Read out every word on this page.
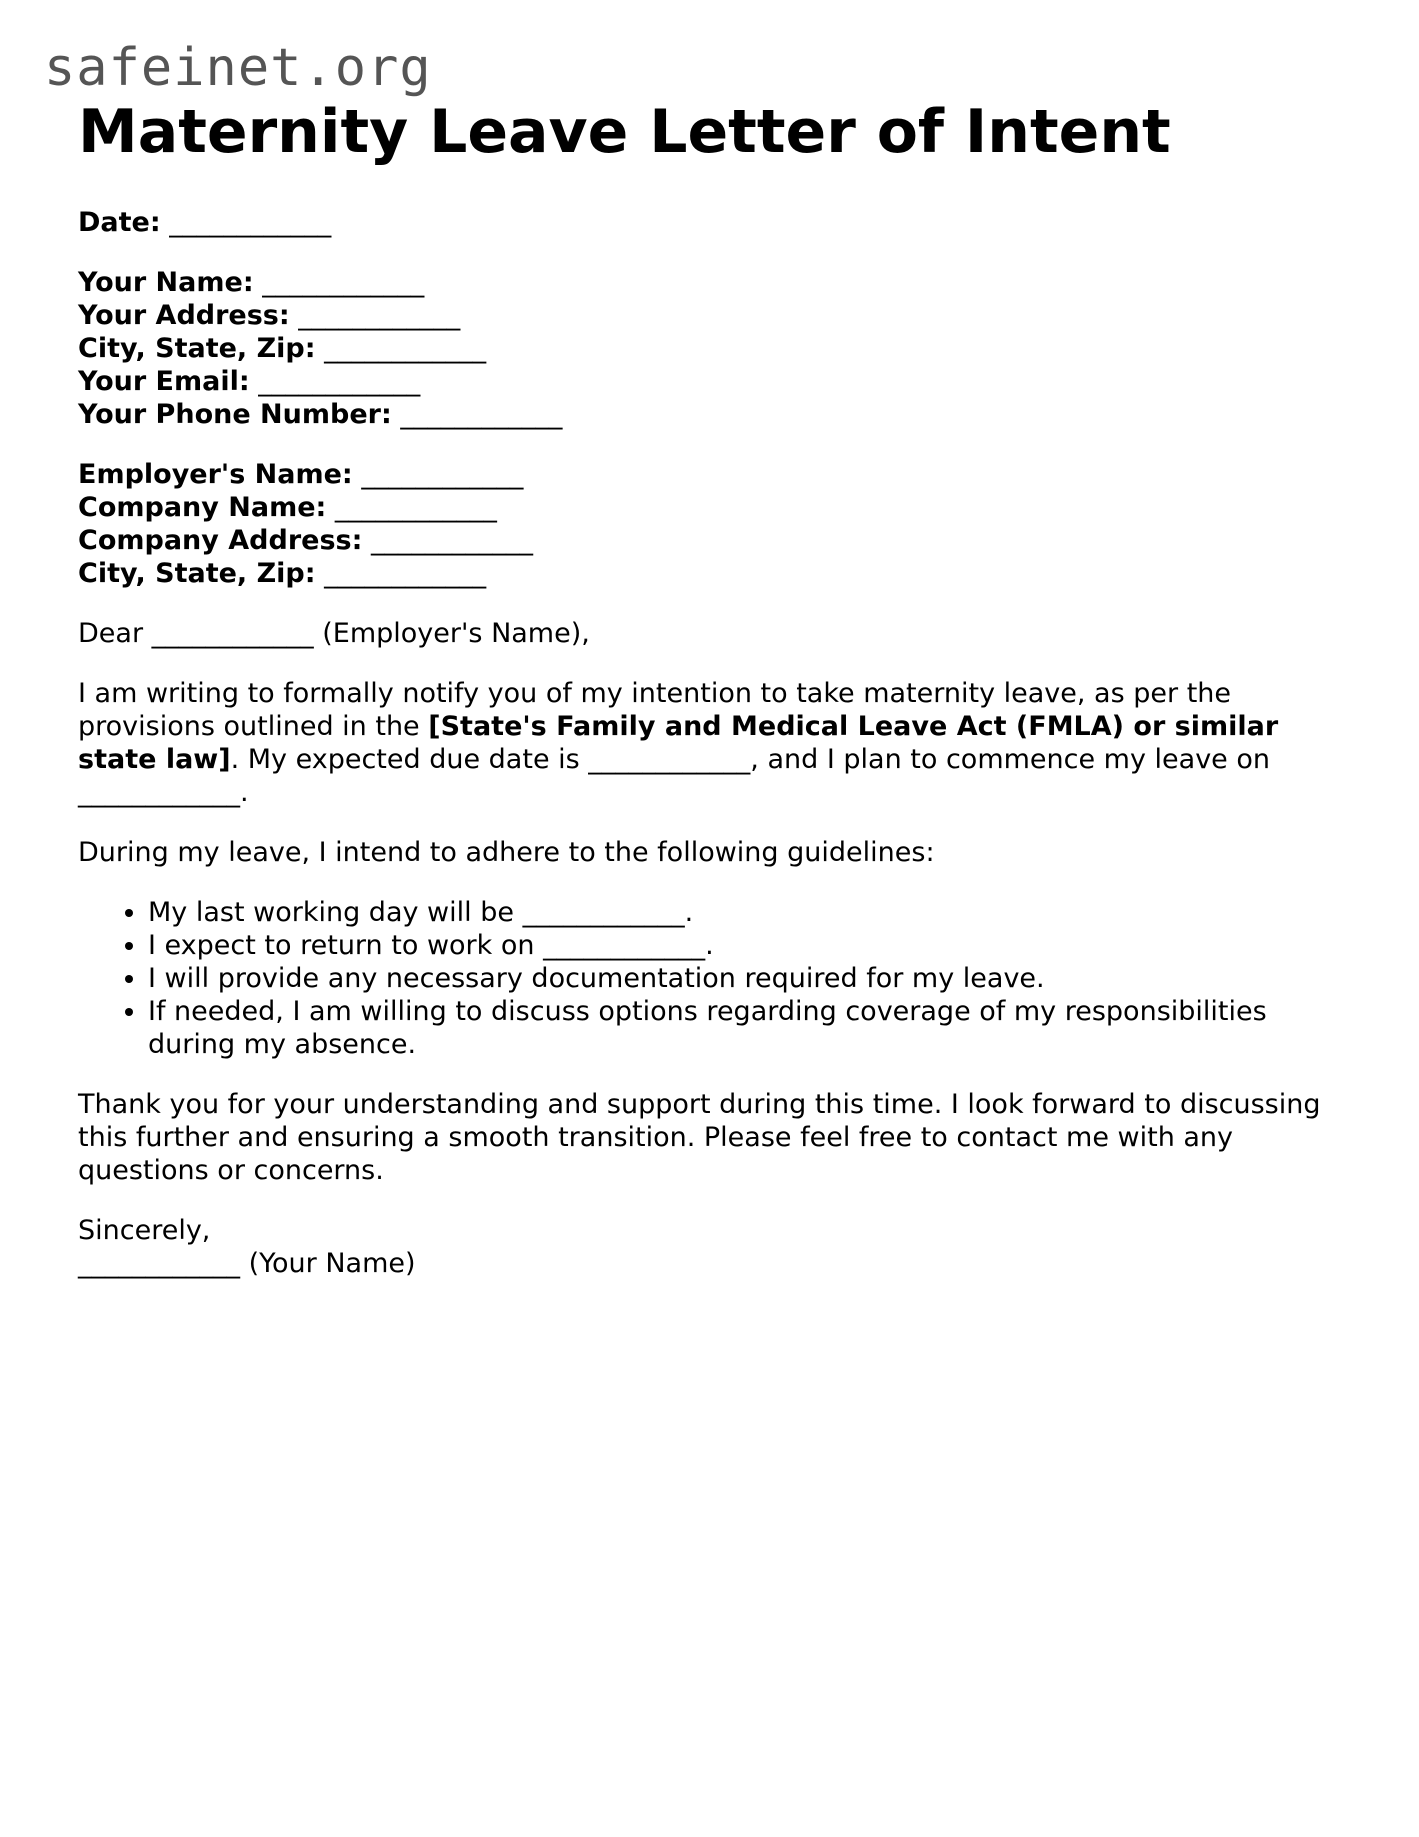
safeinet.org
Maternity Leave Letter of Intent
Date: ____________
Your Name: ____________
Your Address: ____________
City, State, Zip: ____________
Your Email: ____________
Your Phone Number: ____________
Employer's Name: ____________
Company Name: ____________
Company Address: ____________
City, State, Zip: ____________

Dear ____________ (Employer's Name),

I am writing to formally notify you of my intention to take maternity leave, as per the provisions outlined in the [State's Family and Medical Leave Act (FMLA) or similar state law]. My expected due date is ____________, and I plan to commence my leave on ____________.

During my leave, I intend to adhere to the following guidelines:

• My last working day will be ____________.
• I expect to return to work on ____________.
• I will provide any necessary documentation required for my leave.
• If needed, I am willing to discuss options regarding coverage of my responsibilities during my absence.

Thank you for your understanding and support during this time. I look forward to discussing this further and ensuring a smooth transition. Please feel free to contact me with any questions or concerns.

Sincerely,
____________ (Your Name)
